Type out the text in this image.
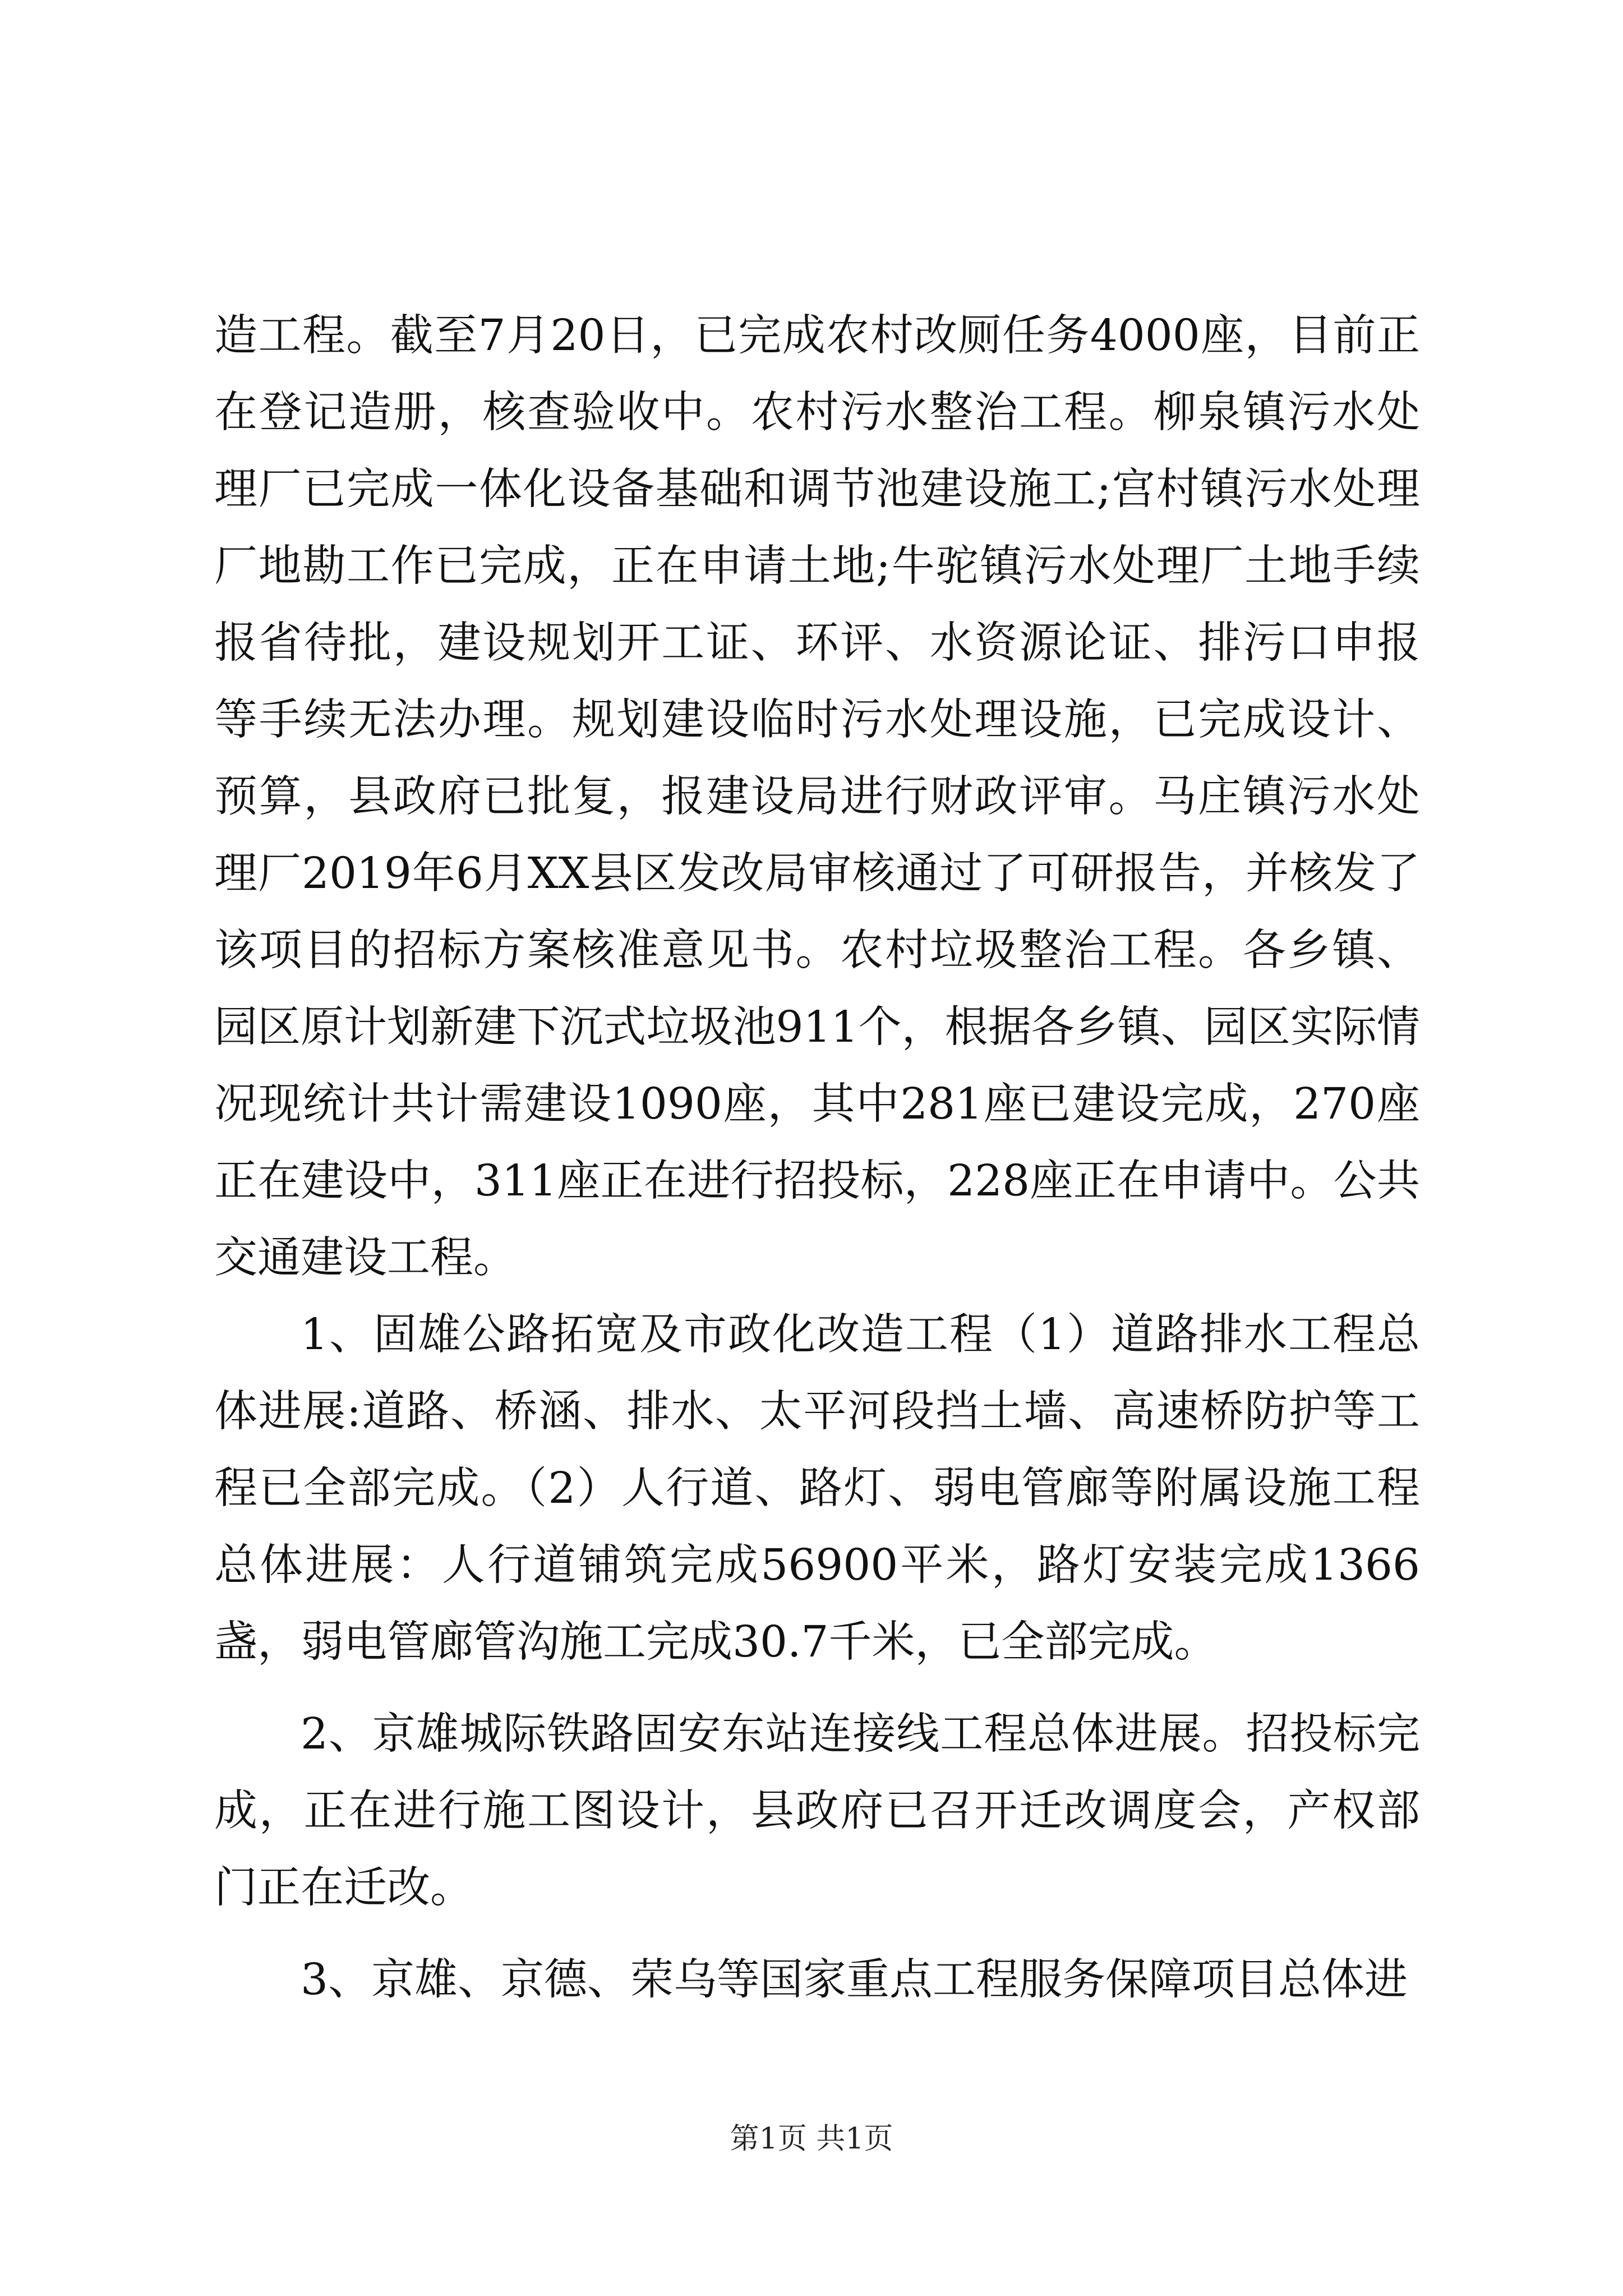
造工程。截至7月20日，已完成农村改厕任务4000座，目前正在登记造册，核查验收中。农村污水整治工程。柳泉镇污水处理厂已完成一体化设备基础和调节池建设施工;宫村镇污水处理厂地勘工作已完成，正在申请土地;牛驼镇污水处理厂土地手续报省待批，建设规划开工证、环评、水资源论证、排污口申报等手续无法办理。规划建设临时污水处理设施，已完成设计、预算，县政府已批复，报建设局进行财政评审。马庄镇污水处理厂2019年6月XX县区发改局审核通过了可研报告，并核发了该项目的招标方案核准意见书。农村垃圾整治工程。各乡镇、园区原计划新建下沉式垃圾池911个，根据各乡镇、园区实际情况现统计共计需建设1090座，其中281座已建设完成，270座正在建设中，311座正在进行招投标，228座正在申请中。公共交通建设工程。

1、固雄公路拓宽及市政化改造工程（1）道路排水工程总体进展:道路、桥涵、排水、太平河段挡土墙、高速桥防护等工程已全部完成。（2）人行道、路灯、弱电管廊等附属设施工程总体进展：人行道铺筑完成56900平米，路灯安装完成1366盏，弱电管廊管沟施工完成30.7千米，已全部完成。

2、京雄城际铁路固安东站连接线工程总体进展。招投标完成，正在进行施工图设计，县政府已召开迁改调度会，产权部门正在迁改。

3、京雄、京德、荣乌等国家重点工程服务保障项目总体进

第1页 共1页
